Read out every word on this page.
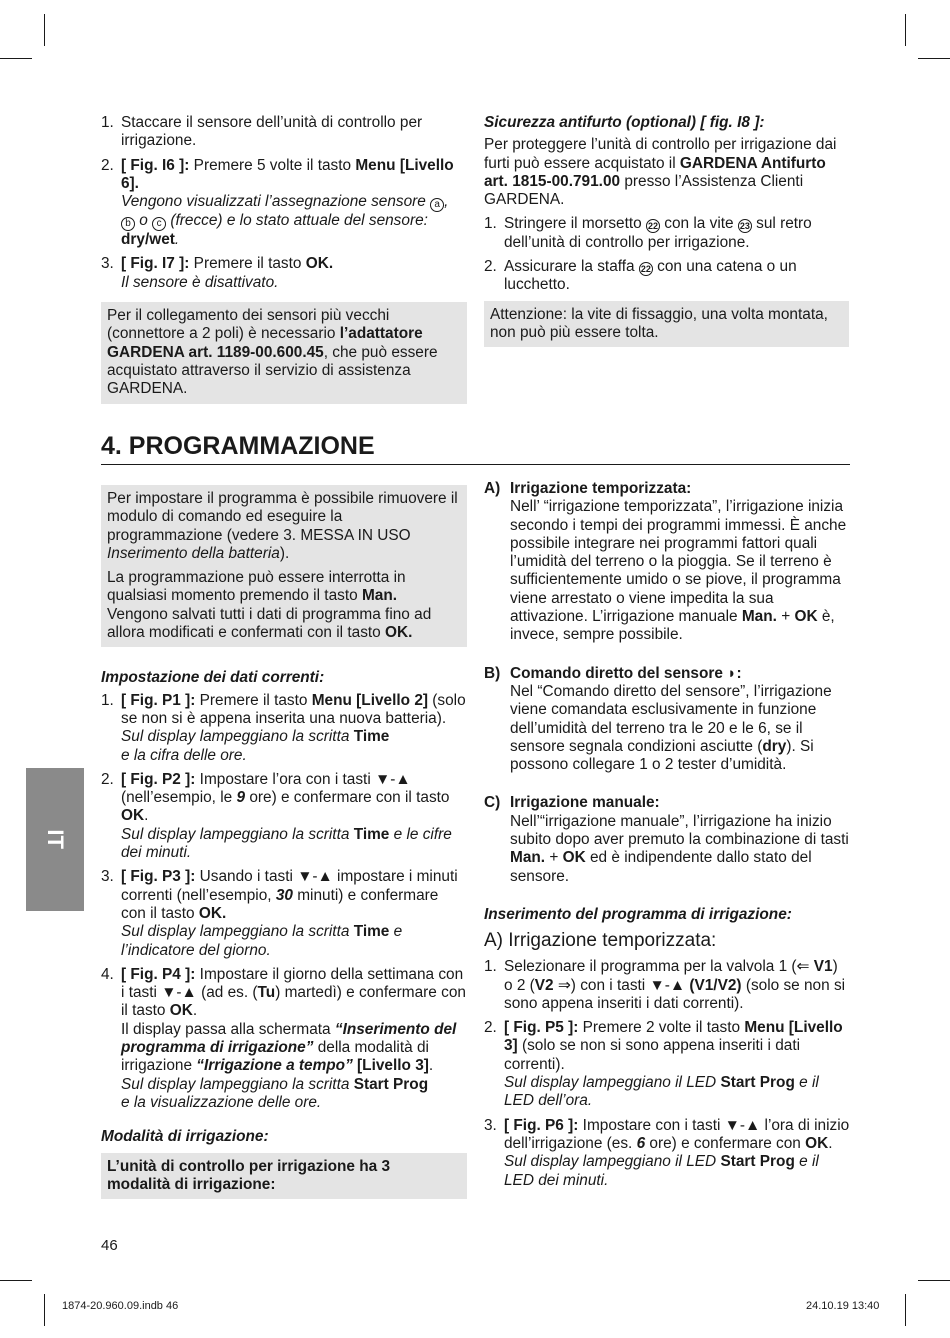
1. Staccare il sensore dell’unità di controllo per irrigazione.
2. [ Fig. I6 ]: Premere 5 volte il tasto Menu [Livello 6].
Vengono visualizzati l’assegnazione sensore a ,
b o c (frecce) e lo stato attuale del sensore: dry/wet.
3. [ Fig. I7 ]: Premere il tasto OK.
Il sensore è disattivato.
Per il collegamento dei sensori più vecchi (connettore a 2 poli) è necessario l’adattatore GARDENA art. 1189-00.600.45, che può essere acquistato attraverso il servizio di assistenza GARDENA.
Sicurezza antifurto (optional) [ fig. I8 ]:
Per proteggere l’unità di controllo per irrigazione dai furti può essere acquistato il GARDENA Antifurto art. 1815-00.791.00 presso l’Assistenza Clienti GARDENA.
1. Stringere il morsetto 22 con la vite 23 sul retro dell’unità di controllo per irrigazione.
2. Assicurare la staffa 22 con una catena o un lucchetto.
Attenzione: la vite di fissaggio, una volta montata, non può più essere tolta.
4. PROGRAMMAZIONE
Per impostare il programma è possibile rimuovere il modulo di comando ed eseguire la programmazione (vedere 3. MESSA IN USO Inserimento della batteria).
La programmazione può essere interrotta in qualsiasi momento premendo il tasto Man. Vengono salvati tutti i dati di programma fino ad allora modificati e confermati con il tasto OK.
Impostazione dei dati correnti:
1. [ Fig. P1 ]: Premere il tasto Menu [Livello 2] (solo se non si è appena inserita una nuova batteria).
Sul display lampeggiano la scritta Time
e la cifra delle ore.
2. [ Fig. P2 ]: Impostare l’ora con i tasti ▼-▲ (nell’esempio, le 9 ore) e confermare con il tasto OK.
Sul display lampeggiano la scritta Time e le cifre dei minuti.
3. [ Fig. P3 ]: Usando i tasti ▼-▲ impostare i minuti correnti (nell’esempio, 30 minuti) e confermare con il tasto OK.
Sul display lampeggiano la scritta Time e l’indicatore del giorno.
4. [ Fig. P4 ]: Impostare il giorno della settimana con i tasti ▼-▲ (ad es. (Tu) martedì) e confermare con il tasto OK.
Il display passa alla schermata “Inserimento del programma di irrigazione” della modalità di irrigazione “Irrigazione a tempo” [Livello 3].
Sul display lampeggiano la scritta Start Prog
e la visualizzazione delle ore.
Modalità di irrigazione:
L’unità di controllo per irrigazione ha 3 modalità di irrigazione:
A) Irrigazione temporizzata:
Nell’ “irrigazione temporizzata”, l’irrigazione inizia secondo i tempi dei programmi immessi. È anche possibile integrare nei programmi fattori quali l’umidità del terreno o la pioggia. Se il terreno è sufficientemente umido o se piove, il programma viene arrestato o viene impedita la sua attivazione. L’irrigazione manuale Man. + OK è, invece, sempre possibile.
B) Comando diretto del sensore ◗:
Nel “Comando diretto del sensore”, l’irrigazione viene comandata esclusivamente in funzione dell’umidità del terreno tra le 20 e le 6, se il sensore segnala condizioni asciutte (dry). Si possono collegare 1 o 2 tester d’umidità.
C) Irrigazione manuale:
Nell’“irrigazione manuale”, l’irrigazione ha inizio subito dopo aver premuto la combinazione di tasti Man. + OK ed è indipendente dallo stato del sensore.
Inserimento del programma di irrigazione:
A) Irrigazione temporizzata:
1. Selezionare il programma per la valvola 1 (⇐ V1) o 2 (V2 ⇒) con i tasti ▼-▲ (V1/V2) (solo se non si sono appena inseriti i dati correnti).
2. [ Fig. P5 ]: Premere 2 volte il tasto Menu [Livello 3] (solo se non si sono appena inseriti i dati correnti).
Sul display lampeggiano il LED Start Prog e il LED dell’ora.
3. [ Fig. P6 ]: Impostare con i tasti ▼-▲ l’ora di inizio dell’irrigazione (es. 6 ore) e confermare con OK.
Sul display lampeggiano il LED Start Prog e il LED dei minuti.
IT
46
1874-20.960.09.indb 46	24.10.19 13:40
